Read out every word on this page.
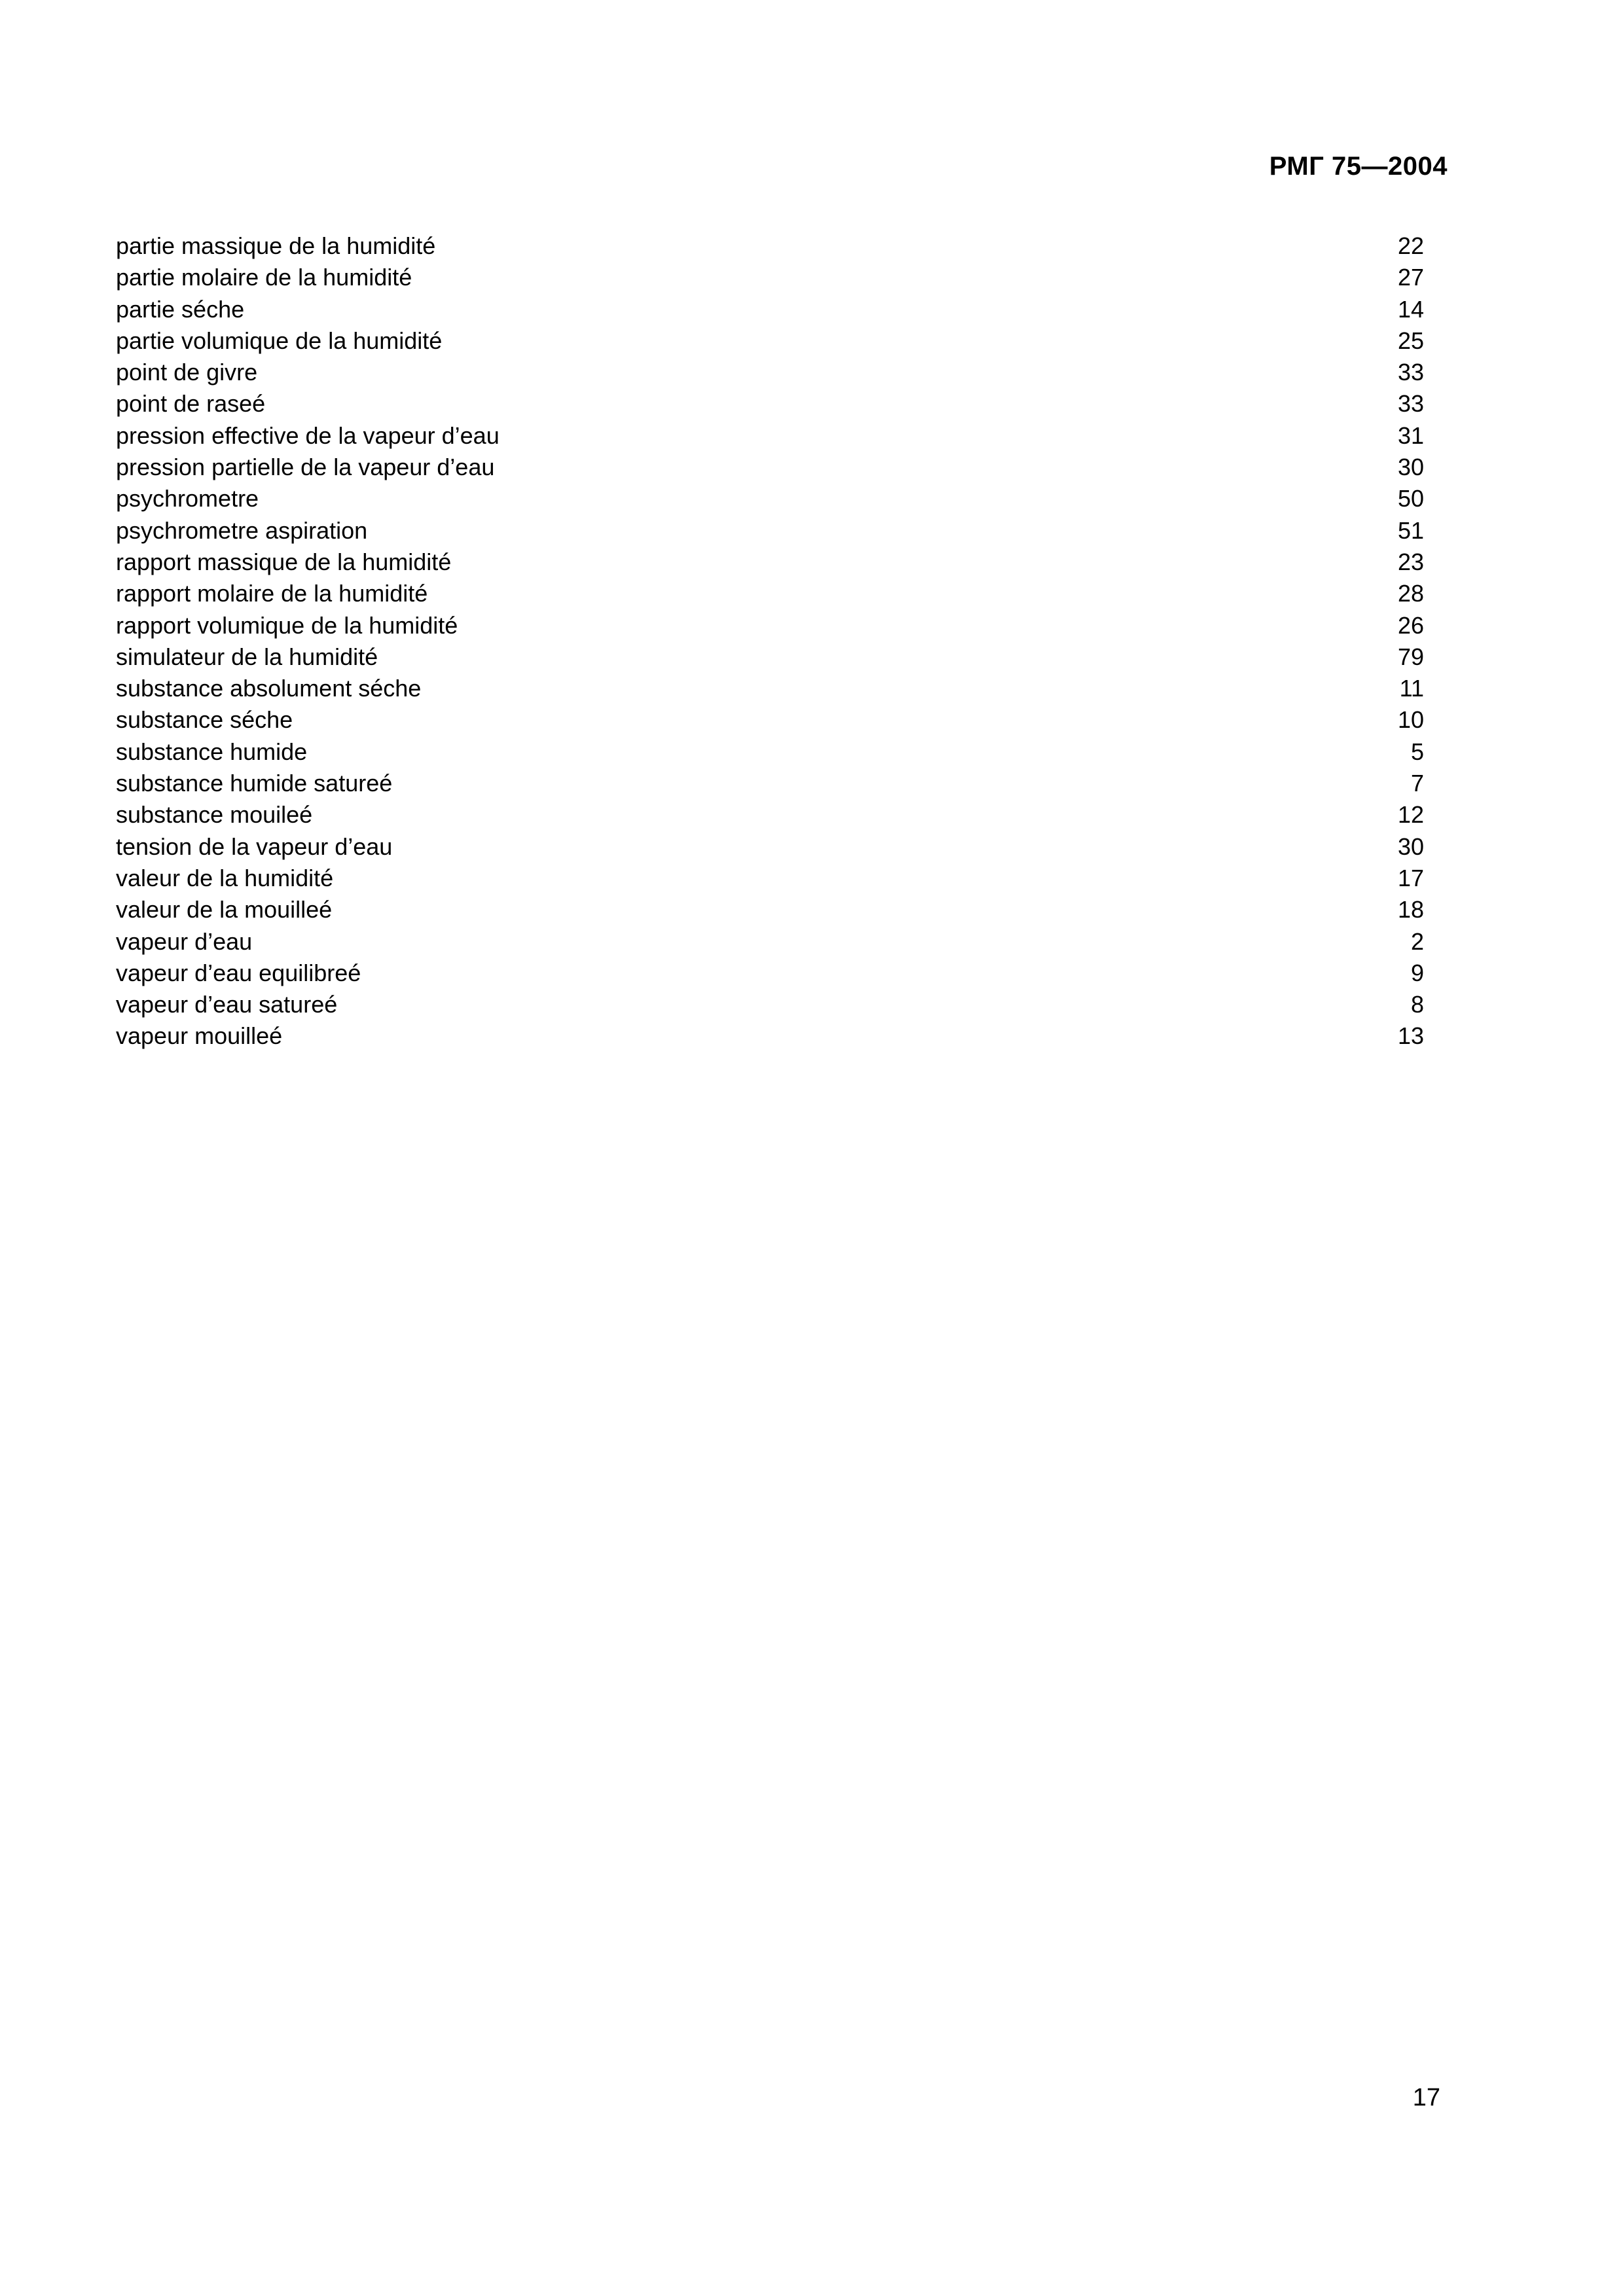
РМГ 75—2004
partie massique de la humidité	22
partie molaire de la humidité	27
partie séche	14
partie volumique de la humidité	25
point de givre	33
point de raseé	33
pression effective de la vapeur d’eau	31
pression partielle de la vapeur d’eau	30
psychrometre	50
psychrometre aspiration	51
rapport massique de la humidité	23
rapport molaire de la humidité	28
rapport volumique de la humidité	26
simulateur de la humidité	79
substance absolument séche	11
substance séche	10
substance humide	5
substance humide satureé	7
substance mouileé	12
tension de la vapeur d’eau	30
valeur de la humidité	17
valeur de la mouilleé	18
vapeur d’eau	2
vapeur d’eau equilibreé	9
vapeur d’eau satureé	8
vapeur mouilleé	13
17
